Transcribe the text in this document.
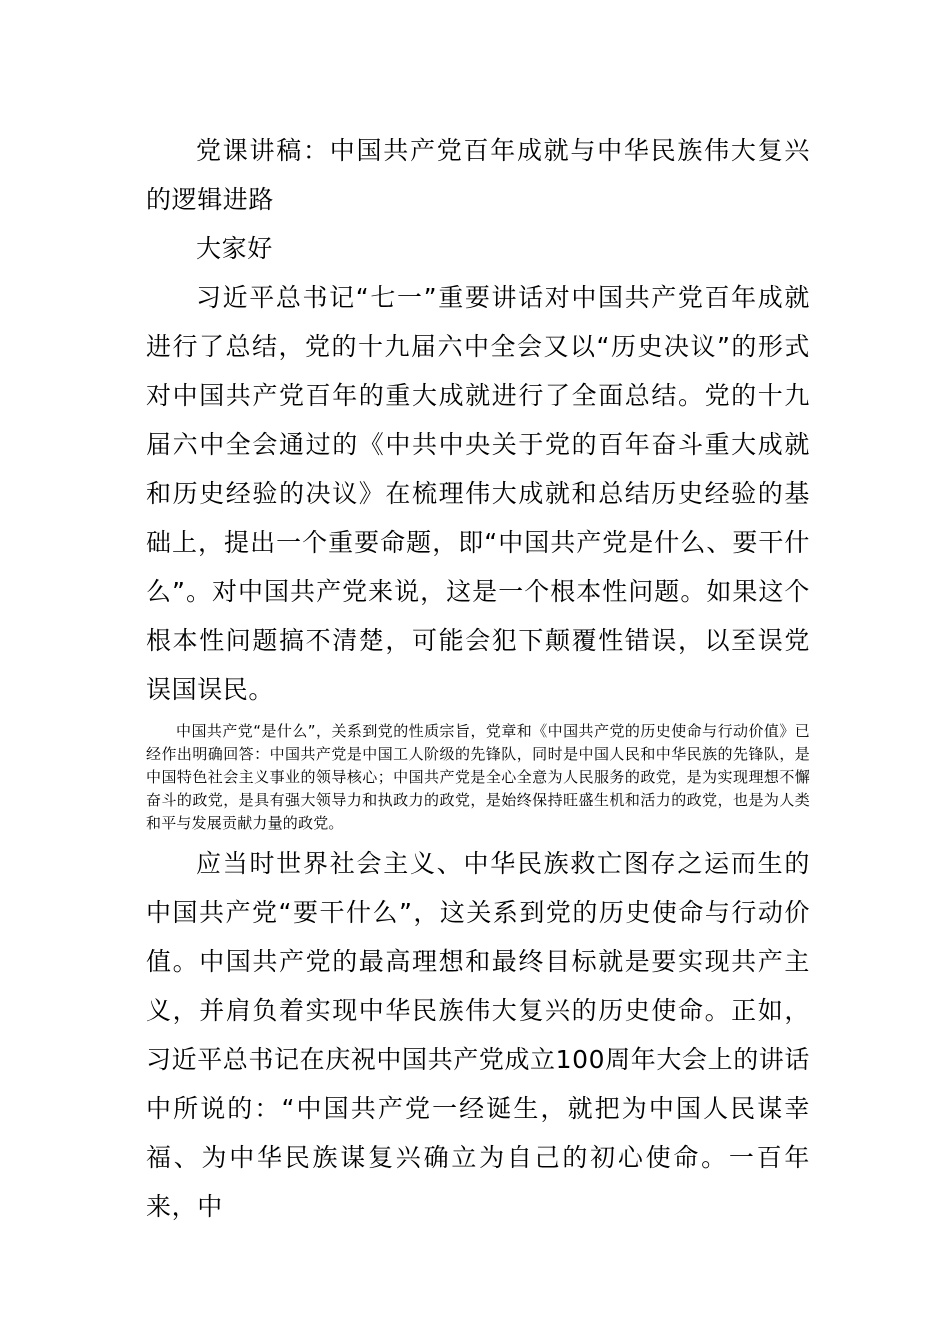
党课讲稿：中国共产党百年成就与中华民族伟大复兴的逻辑进路

大家好

习近平总书记“七一”重要讲话对中国共产党百年成就进行了总结，党的十九届六中全会又以“历史决议”的形式对中国共产党百年的重大成就进行了全面总结。党的十九届六中全会通过的《中共中央关于党的百年奋斗重大成就和历史经验的决议》在梳理伟大成就和总结历史经验的基础上，提出一个重要命题，即“中国共产党是什么、要干什么”。对中国共产党来说，这是一个根本性问题。如果这个根本性问题搞不清楚，可能会犯下颠覆性错误，以至误党误国误民。

中国共产党“是什么”，关系到党的性质宗旨，党章和《中国共产党的历史使命与行动价值》已经作出明确回答：中国共产党是中国工人阶级的先锋队，同时是中国人民和中华民族的先锋队，是中国特色社会主义事业的领导核心；中国共产党是全心全意为人民服务的政党，是为实现理想不懈奋斗的政党，是具有强大领导力和执政力的政党，是始终保持旺盛生机和活力的政党，也是为人类和平与发展贡献力量的政党。

应当时世界社会主义、中华民族救亡图存之运而生的中国共产党“要干什么”，这关系到党的历史使命与行动价值。中国共产党的最高理想和最终目标就是要实现共产主义，并肩负着实现中华民族伟大复兴的历史使命。正如，习近平总书记在庆祝中国共产党成立100周年大会上的讲话中所说的：“中国共产党一经诞生，就把为中国人民谋幸福、为中华民族谋复兴确立为自己的初心使命。一百年来，中
